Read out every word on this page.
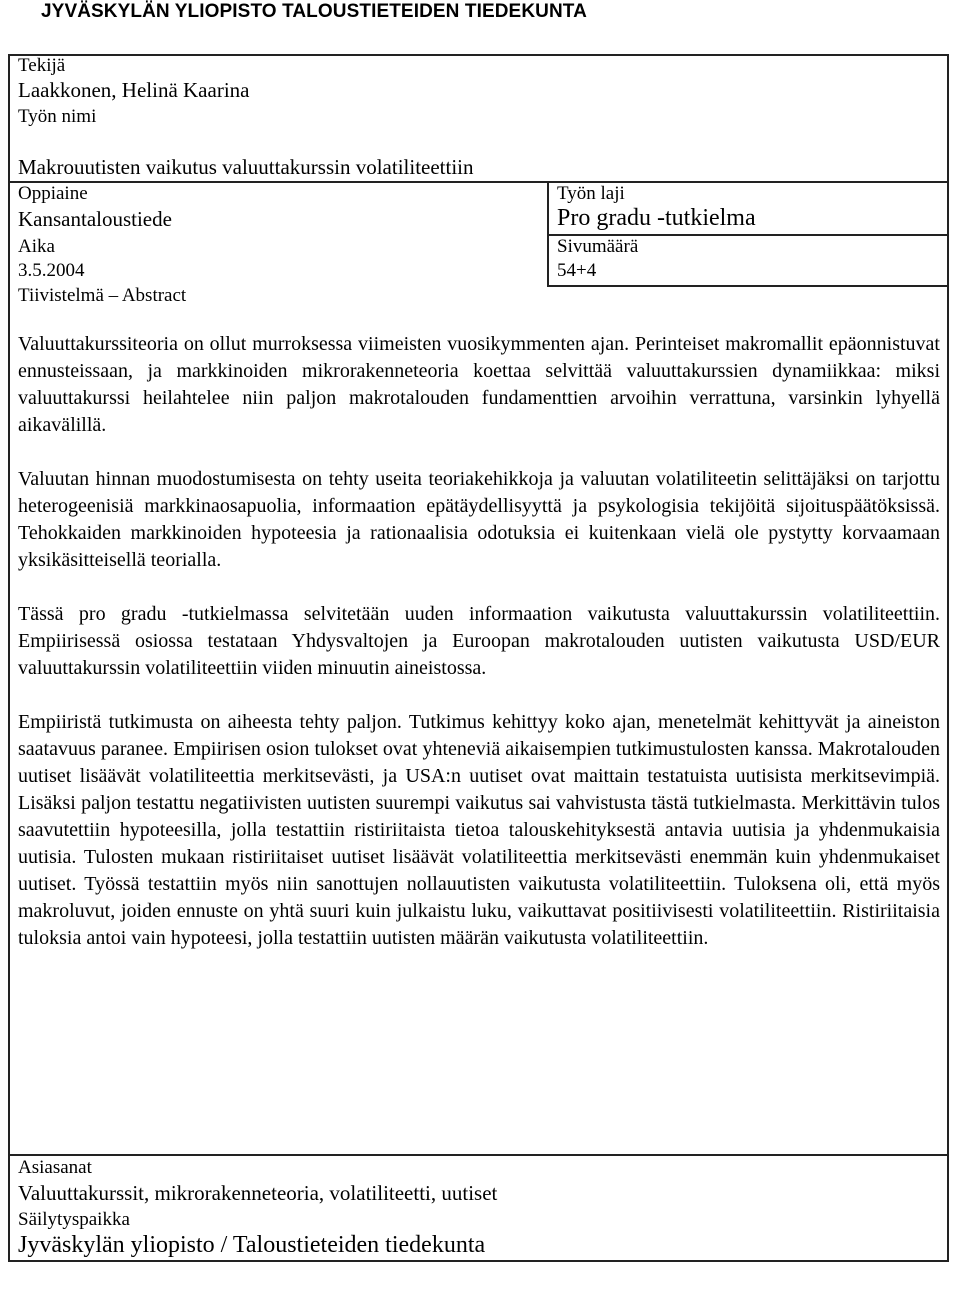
JYVÄSKYLÄN YLIOPISTO TALOUSTIETEIDEN TIEDEKUNTA
Tekijä
Laakkonen, Helinä Kaarina
Työn nimi
Makrouutisten vaikutus valuuttakurssin volatiliteettiin
Oppiaine
Kansantaloustiede
Aika
3.5.2004
Tiivistelmä – Abstract
Työn laji
Pro gradu -tutkielma
Sivumäärä
54+4

Valuuttakurssiteoria on ollut murroksessa viimeisten vuosikymmenten ajan. Perinteiset makromallit epäonnistuvat ennusteissaan, ja markkinoiden mikrorakenneteoria koettaa selvittää valuuttakurssien dynamiikkaa: miksi valuuttakurssi heilahtelee niin paljon makrotalouden fundamenttien arvoihin verrattuna, varsinkin lyhyellä aikavälillä.

Valuutan hinnan muodostumisesta on tehty useita teoriakehikkoja ja valuutan volatiliteetin selittäjäksi on tarjottu heterogeenisiä markkinaosapuolia, informaation epätäydellisyyttä ja psykologisia tekijöitä sijoituspäätöksissä. Tehokkaiden markkinoiden hypoteesia ja rationaalisia odotuksia ei kuitenkaan vielä ole pystytty korvaamaan yksikäsitteisellä teorialla.

Tässä pro gradu -tutkielmassa selvitetään uuden informaation vaikutusta valuuttakurssin volatiliteettiin. Empiirisessä osiossa testataan Yhdysvaltojen ja Euroopan makrotalouden uutisten vaikutusta USD/EUR valuuttakurssin volatiliteettiin viiden minuutin aineistossa.

Empiiristä tutkimusta on aiheesta tehty paljon. Tutkimus kehittyy koko ajan, menetelmät kehittyvät ja aineiston saatavuus paranee. Empiirisen osion tulokset ovat yhteneviä aikaisempien tutkimustulosten kanssa. Makrotalouden uutiset lisäävät volatiliteettia merkitsevästi, ja USA:n uutiset ovat maittain testatuista uutisista merkitsevimpiä. Lisäksi paljon testattu negatiivisten uutisten suurempi vaikutus sai vahvistusta tästä tutkielmasta. Merkittävin tulos saavutettiin hypoteesilla, jolla testattiin ristiriitaista tietoa talouskehityksestä antavia uutisia ja yhdenmukaisia uutisia. Tulosten mukaan ristiriitaiset uutiset lisäävät volatiliteettia merkitsevästi enemmän kuin yhdenmukaiset uutiset. Työssä testattiin myös niin sanottujen nollauutisten vaikutusta volatiliteettiin. Tuloksena oli, että myös makroluvut, joiden ennuste on yhtä suuri kuin julkaistu luku, vaikuttavat positiivisesti volatiliteettiin. Ristiriitaisia tuloksia antoi vain hypoteesi, jolla testattiin uutisten määrän vaikutusta volatiliteettiin.

Asiasanat
Valuuttakurssit, mikrorakenneteoria, volatiliteetti, uutiset
Säilytyspaikka
Jyväskylän yliopisto / Taloustieteiden tiedekunta
